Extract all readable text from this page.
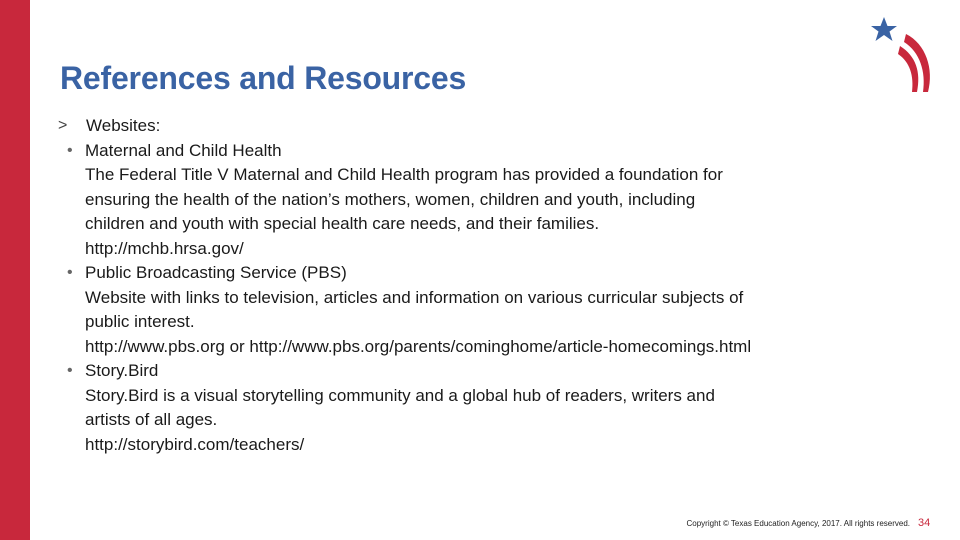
References and Resources
> Websites:
• Maternal and Child Health
The Federal Title V Maternal and Child Health program has provided a foundation for
ensuring the health of the nation’s mothers, women, children and youth, including
children and youth with special health care needs, and their families.
http://mchb.hrsa.gov/
• Public Broadcasting Service (PBS)
Website with links to television, articles and information on various curricular subjects of
public interest.
http://www.pbs.org or http://www.pbs.org/parents/cominghome/article-homecomings.html
• Story.Bird
Story.Bird is a visual storytelling community and a global hub of readers, writers and
artists of all ages.
http://storybird.com/teachers/
Copyright © Texas Education Agency, 2017. All rights reserved. 34
